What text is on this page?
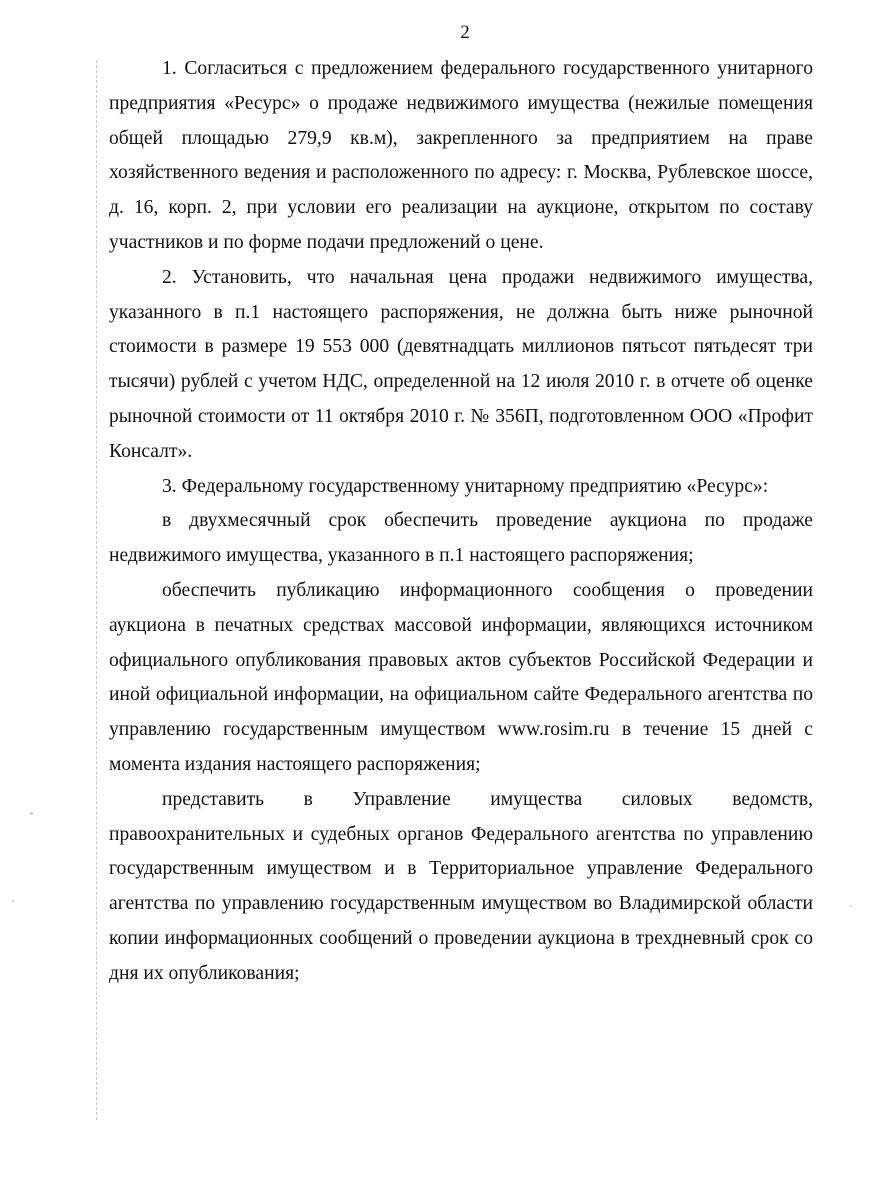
2

1. Согласиться с предложением федерального государственного унитарного предприятия «Ресурс» о продаже недвижимого имущества (нежилые помещения общей площадью 279,9 кв.м), закрепленного за предприятием на праве хозяйственного ведения и расположенного по адресу: г. Москва, Рублевское шоссе, д. 16, корп. 2, при условии его реализации на аукционе, открытом по составу участников и по форме подачи предложений о цене.

2. Установить, что начальная цена продажи недвижимого имущества, указанного в п.1 настоящего распоряжения, не должна быть ниже рыночной стоимости в размере 19 553 000 (девятнадцать миллионов пятьсот пятьдесят три тысячи) рублей с учетом НДС, определенной на 12 июля 2010 г. в отчете об оценке рыночной стоимости от 11 октября 2010 г. № 356П, подготовленном ООО «Профит Консалт».

3. Федеральному государственному унитарному предприятию «Ресурс»:

в двухмесячный срок обеспечить проведение аукциона по продаже недвижимого имущества, указанного в п.1 настоящего распоряжения;

обеспечить публикацию информационного сообщения о проведении аукциона в печатных средствах массовой информации, являющихся источником официального опубликования правовых актов субъектов Российской Федерации и иной официальной информации, на официальном сайте Федерального агентства по управлению государственным имуществом www.rosim.ru в течение 15 дней с момента издания настоящего распоряжения;

представить в Управление имущества силовых ведомств, правоохранительных и судебных органов Федерального агентства по управлению государственным имуществом и в Территориальное управление Федерального агентства по управлению государственным имуществом во Владимирской области копии информационных сообщений о проведении аукциона в трехдневный срок со дня их опубликования;
